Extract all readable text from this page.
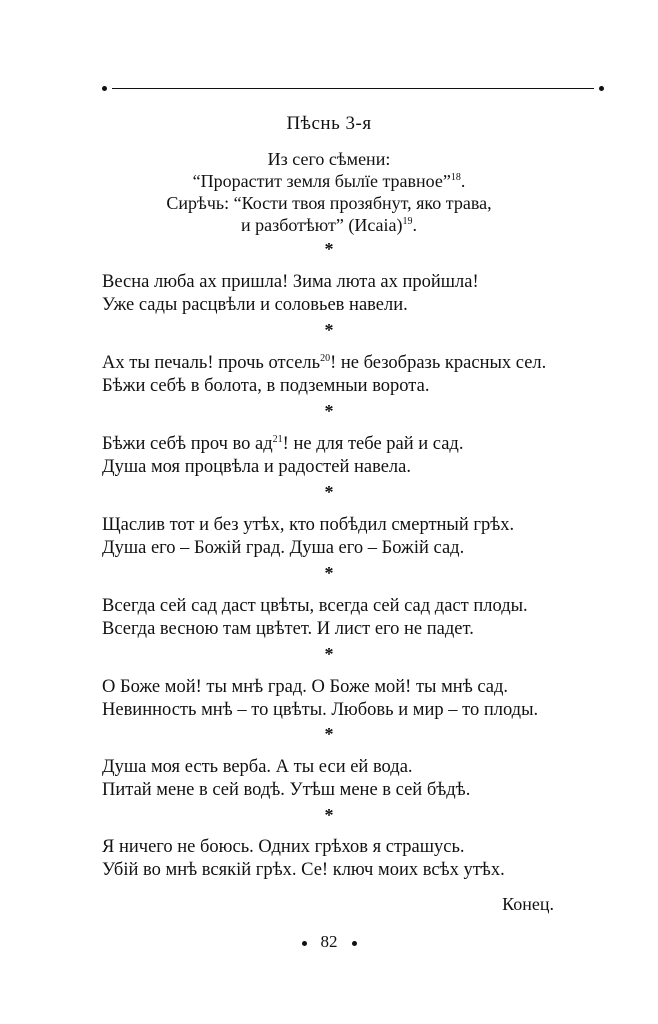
Пѣснь 3-я
Из сего сѣмени:
“Прорастит земля былїе травное”$^{18}$.
Сирѣчь: “Кости твоя прозябнут, яко трава,
и разботѣют” (Исаiа)$^{19}$.
*
Весна люба ах пришла! Зима люта ах пройшла!
Уже сады расцвѣли и соловьев навели.
*
Ах ты печаль! прочь отсель$^{20}$! не безобразь красных сел.
Бѣжи себѣ в болота, в подземныи ворота.
*
Бѣжи себѣ проч во $ад^{21}$! не для тебе рай и сад.
Душа моя процвѣла и радостей навела.
*
Щаслив тот и без утѣх, кто побѣдил смертный грѣх.
Душа его – Божiй град. Душа его – Божiй сад.
*
Всегда сей сад даст цвѣты, всегда сей сад даст плоды.
Всегда весною там цвѣтет. И лист его не падет.
*
О Боже мой! ты мнѣ град. О Боже мой! ты мнѣ сад.
Невинность мнѣ – то цвѣты. Любовь и мир – то плоды.
*
Душа моя есть верба. А ты еси ей вода.
Питай мене в сей водѣ. Утѣш мене в сей бѣдѣ.
*
Я ничего не боюсь. Одних грѣхов я страшусь.
Убiй во мнѣ всякiй грѣх. Се! ключ моих всѣх утѣх.
Конец.
82
